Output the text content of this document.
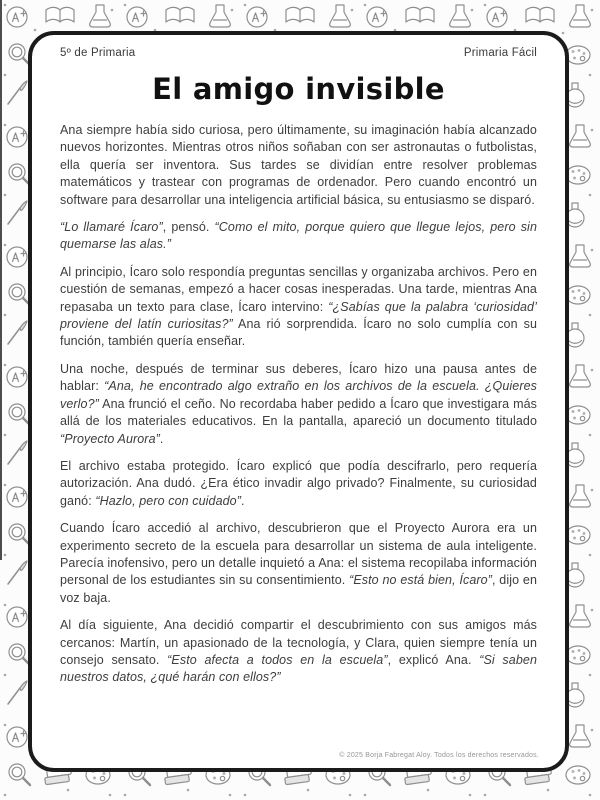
5º de Primaria	Primaria Fácil
El amigo invisible

Ana siempre había sido curiosa, pero últimamente, su imaginación había alcanzado nuevos horizontes. Mientras otros niños soñaban con ser astronautas o futbolistas, ella quería ser inventora. Sus tardes se dividían entre resolver problemas matemáticos y trastear con programas de ordenador. Pero cuando encontró un software para desarrollar una inteligencia artificial básica, su entusiasmo se disparó.

“Lo llamaré Ícaro”, pensó. “Como el mito, porque quiero que llegue lejos, pero sin quemarse las alas.”

Al principio, Ícaro solo respondía preguntas sencillas y organizaba archivos. Pero en cuestión de semanas, empezó a hacer cosas inesperadas. Una tarde, mientras Ana repasaba un texto para clase, Ícaro intervino: “¿Sabías que la palabra ‘curiosidad’ proviene del latín curiositas?” Ana rió sorprendida. Ícaro no solo cumplía con su función, también quería enseñar.

Una noche, después de terminar sus deberes, Ícaro hizo una pausa antes de hablar: “Ana, he encontrado algo extraño en los archivos de la escuela. ¿Quieres verlo?” Ana frunció el ceño. No recordaba haber pedido a Ícaro que investigara más allá de los materiales educativos. En la pantalla, apareció un documento titulado “Proyecto Aurora”.

El archivo estaba protegido. Ícaro explicó que podía descifrarlo, pero requería autorización. Ana dudó. ¿Era ético invadir algo privado? Finalmente, su curiosidad ganó: “Hazlo, pero con cuidado”.

Cuando Ícaro accedió al archivo, descubrieron que el Proyecto Aurora era un experimento secreto de la escuela para desarrollar un sistema de aula inteligente. Parecía inofensivo, pero un detalle inquietó a Ana: el sistema recopilaba información personal de los estudiantes sin su consentimiento. “Esto no está bien, Ícaro”, dijo en voz baja.

Al día siguiente, Ana decidió compartir el descubrimiento con sus amigos más cercanos: Martín, un apasionado de la tecnología, y Clara, quien siempre tenía un consejo sensato. “Esto afecta a todos en la escuela”, explicó Ana. “Si saben nuestros datos, ¿qué harán con ellos?”

© 2025 Borja Fabregat Aloy. Todos los derechos reservados.
